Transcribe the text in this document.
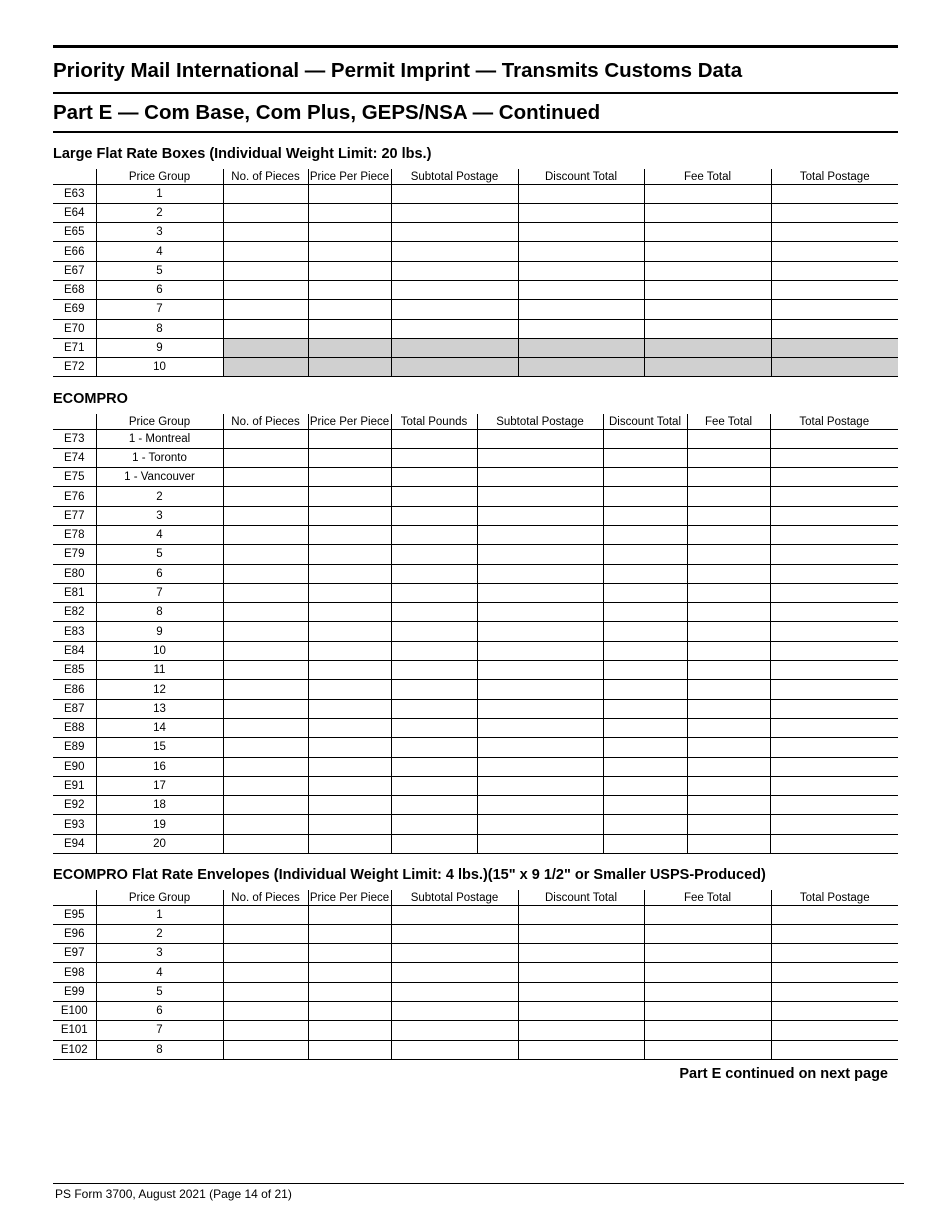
Priority Mail International — Permit Imprint — Transmits Customs Data
Part E — Com Base, Com Plus, GEPS/NSA — Continued
Large Flat Rate Boxes (Individual Weight Limit: 20 lbs.)
	Price Group	No. of Pieces	Price Per Piece	Subtotal Postage	Discount Total	Fee Total	Total Postage
E63	1						
E64	2						
E65	3						
E66	4						
E67	5						
E68	6						
E69	7						
E70	8						
E71	9						
E72	10						
ECOMPRO
	Price Group	No. of Pieces	Price Per Piece	Total Pounds	Subtotal Postage	Discount Total	Fee Total	Total Postage
E73	1 - Montreal							
E74	1 - Toronto							
E75	1 - Vancouver							
E76	2							
E77	3							
E78	4							
E79	5							
E80	6							
E81	7							
E82	8							
E83	9							
E84	10							
E85	11							
E86	12							
E87	13							
E88	14							
E89	15							
E90	16							
E91	17							
E92	18							
E93	19							
E94	20							
ECOMPRO Flat Rate Envelopes (Individual Weight Limit: 4 lbs.)(15" x 9 1/2" or Smaller USPS-Produced)
	Price Group	No. of Pieces	Price Per Piece	Subtotal Postage	Discount Total	Fee Total	Total Postage
E95	1						
E96	2						
E97	3						
E98	4						
E99	5						
E100	6						
E101	7						
E102	8						
Part E continued on next page
PS Form 3700, August 2021 (Page 14 of 21)
